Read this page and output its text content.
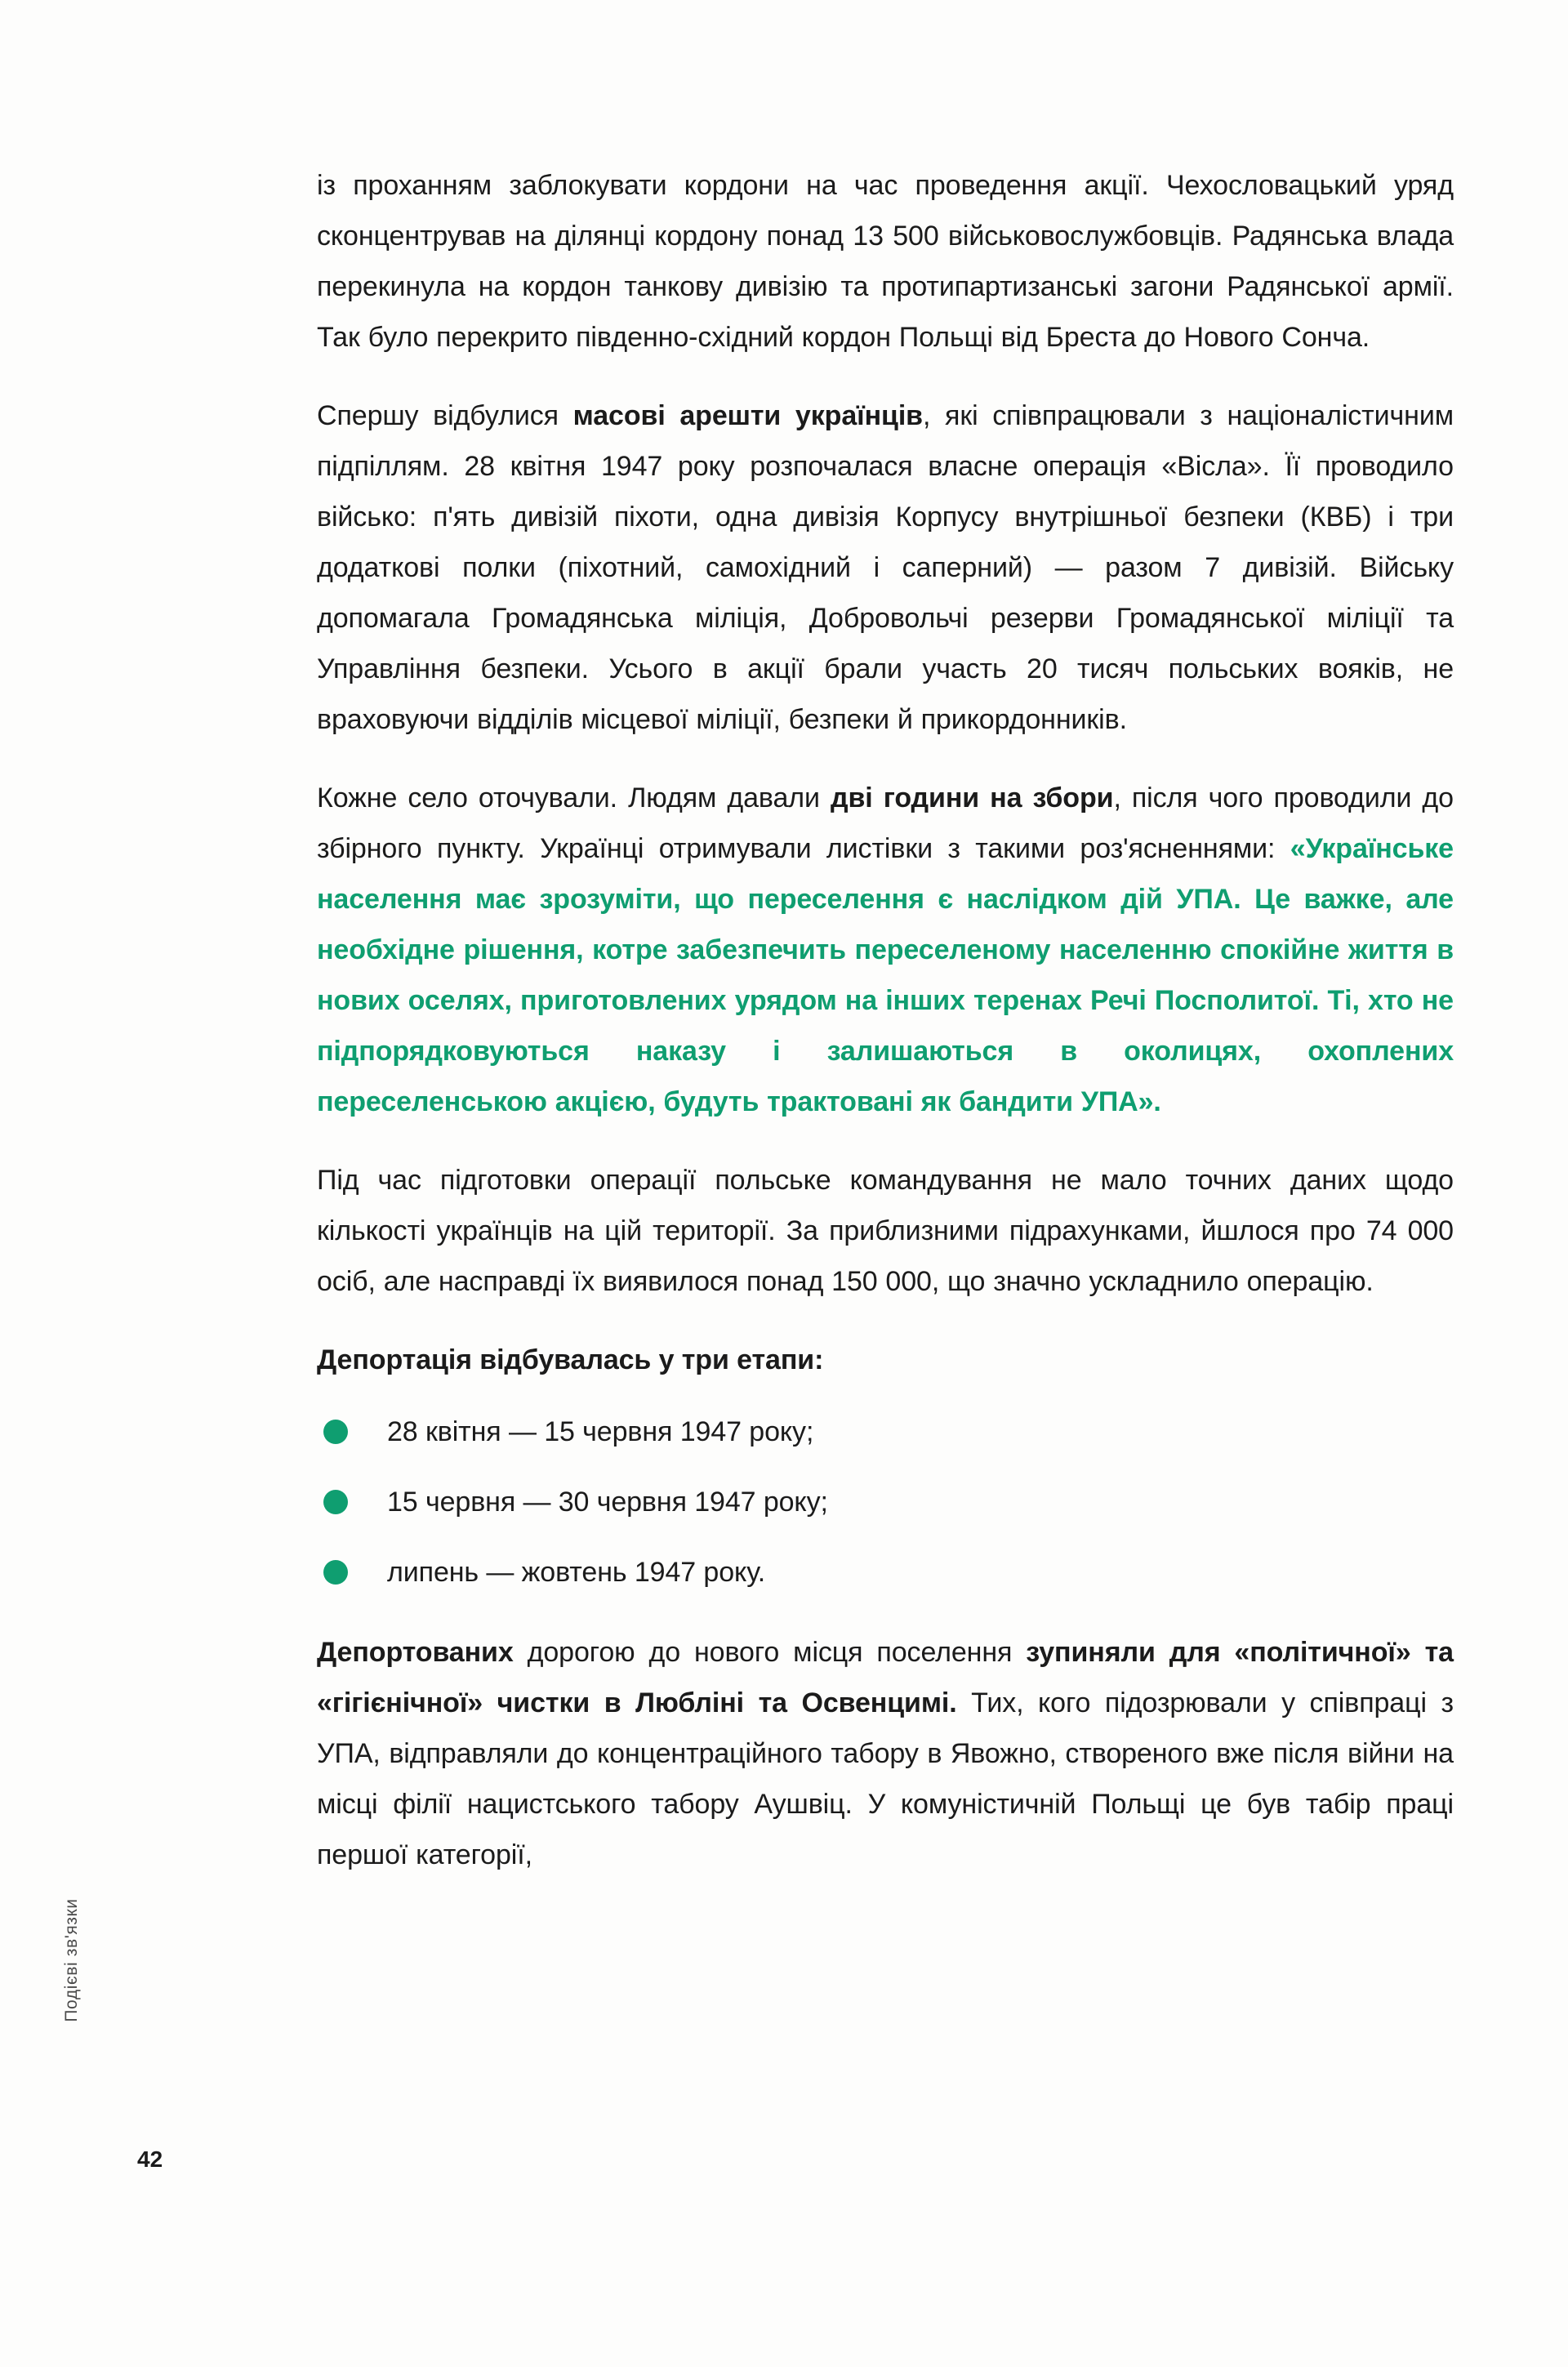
із проханням заблокувати кордони на час проведення акції. Чехословацький уряд сконцентрував на ділянці кордону понад 13 500 військовослужбовців. Радянська влада перекинула на кордон танкову дивізію та протипартизанські загони Радянської армії. Так було перекрито південно-східний кордон Польщі від Бреста до Нового Сонча.

Спершу відбулися масові арешти українців, які співпрацювали з націоналістичним підпіллям. 28 квітня 1947 року розпочалася власне операція «Вісла». Її проводило військо: п'ять дивізій піхоти, одна дивізія Корпусу внутрішньої безпеки (КВБ) і три додаткові полки (піхотний, самохідний і саперний) — разом 7 дивізій. Війську допомагала Громадянська міліція, Добровольчі резерви Громадянської міліції та Управління безпеки. Усього в акції брали участь 20 тисяч польських вояків, не враховуючи відділів місцевої міліції, безпеки й прикордонників.

Кожне село оточували. Людям давали дві години на збори, після чого проводили до збірного пункту. Українці отримували листівки з такими роз'ясненнями: «Українське населення має зрозуміти, що переселення є наслідком дій УПА. Це важке, але необхідне рішення, котре забезпечить переселеному населенню спокійне життя в нових оселях, приготовлених урядом на інших теренах Речі Посполитої. Ті, хто не підпорядковуються наказу і залишаються в околицях, охоплених переселенською акцією, будуть трактовані як бандити УПА».

Під час підготовки операції польське командування не мало точних даних щодо кількості українців на цій території. За приблизними підрахунками, йшлося про 74 000 осіб, але насправді їх виявилося понад 150 000, що значно ускладнило операцію.

Депортація відбувалась у три етапи:

28 квітня — 15 червня 1947 року;
15 червня — 30 червня 1947 року;
липень — жовтень 1947 року.

Депортованих дорогою до нового місця поселення зупиняли для «політичної» та «гігієнічної» чистки в Любліні та Освенцимі. Тих, кого підозрювали у співпраці з УПА, відправляли до концентраційного табору в Явожно, створеного вже після війни на місці філії нацистського табору Аушвіц. У комуністичній Польщі це був табір праці першої категорії,

Подієві зв'язки
42
